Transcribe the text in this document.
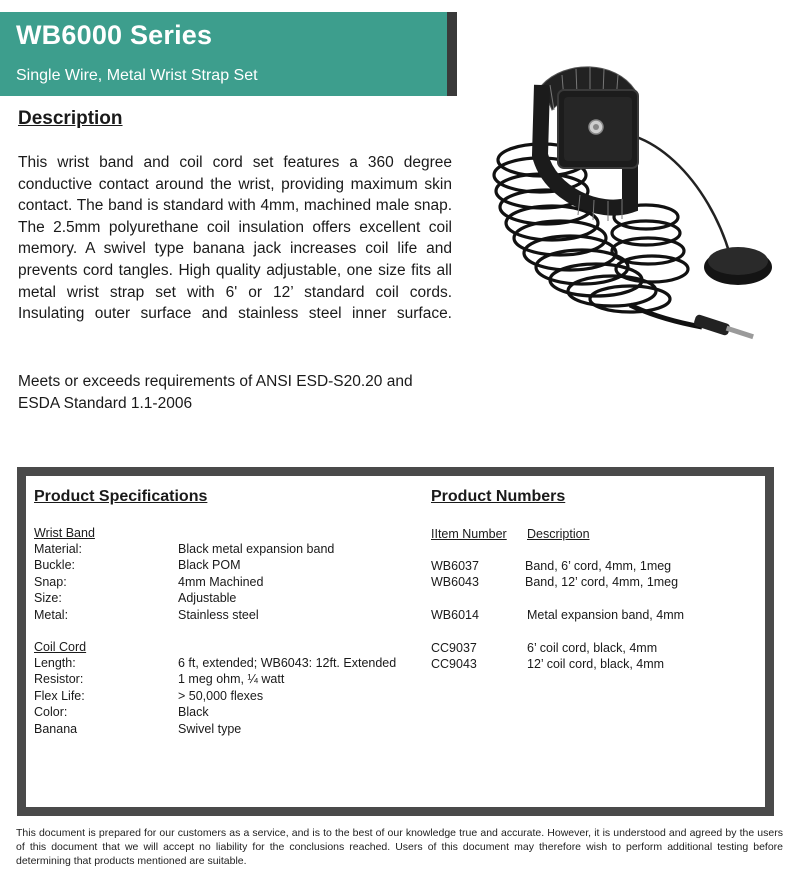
WB6000 Series
Single Wire, Metal Wrist Strap Set
Description
This wrist band and coil cord set features a 360 degree conductive contact around the wrist, providing maximum skin contact. The band is standard with 4mm, machined male snap. The 2.5mm polyurethane coil insulation offers excellent coil memory. A swivel type banana jack increases coil life and prevents cord tangles. High quality adjustable, one size fits all metal wrist strap set with 6' or 12’ standard coil cords. Insulating outer surface and stainless steel inner surface.
Meets or exceeds requirements of ANSI ESD-S20.20 and ESDA Standard 1.1-2006
Product Specifications
Wrist Band
Material:
Buckle:
Snap:
Size:
Metal:
Black metal expansion band
Black POM
4mm Machined
Adjustable
Stainless steel
Coil Cord
Length:
Resistor:
Flex Life:
Color:
Banana
6 ft, extended; WB6043: 12ft. Extended
1 meg ohm, ¼ watt
> 50,000 flexes
Black
Swivel type
Product Numbers
IItem Number Description
WB6037
WB6043
Band, 6’ cord, 4mm, 1meg
Band, 12’ cord, 4mm, 1meg
WB6014	Metal expansion band, 4mm
CC9037
CC9043
6’ coil cord, black, 4mm
12’ coil cord, black, 4mm
This document is prepared for our customers as a service, and is to the best of our knowledge true and accurate. However, it is understood and agreed by the users of this document that we will accept no liability for the conclusions reached. Users of this document may therefore wish to perform additional testing before determining that products mentioned are suitable.
